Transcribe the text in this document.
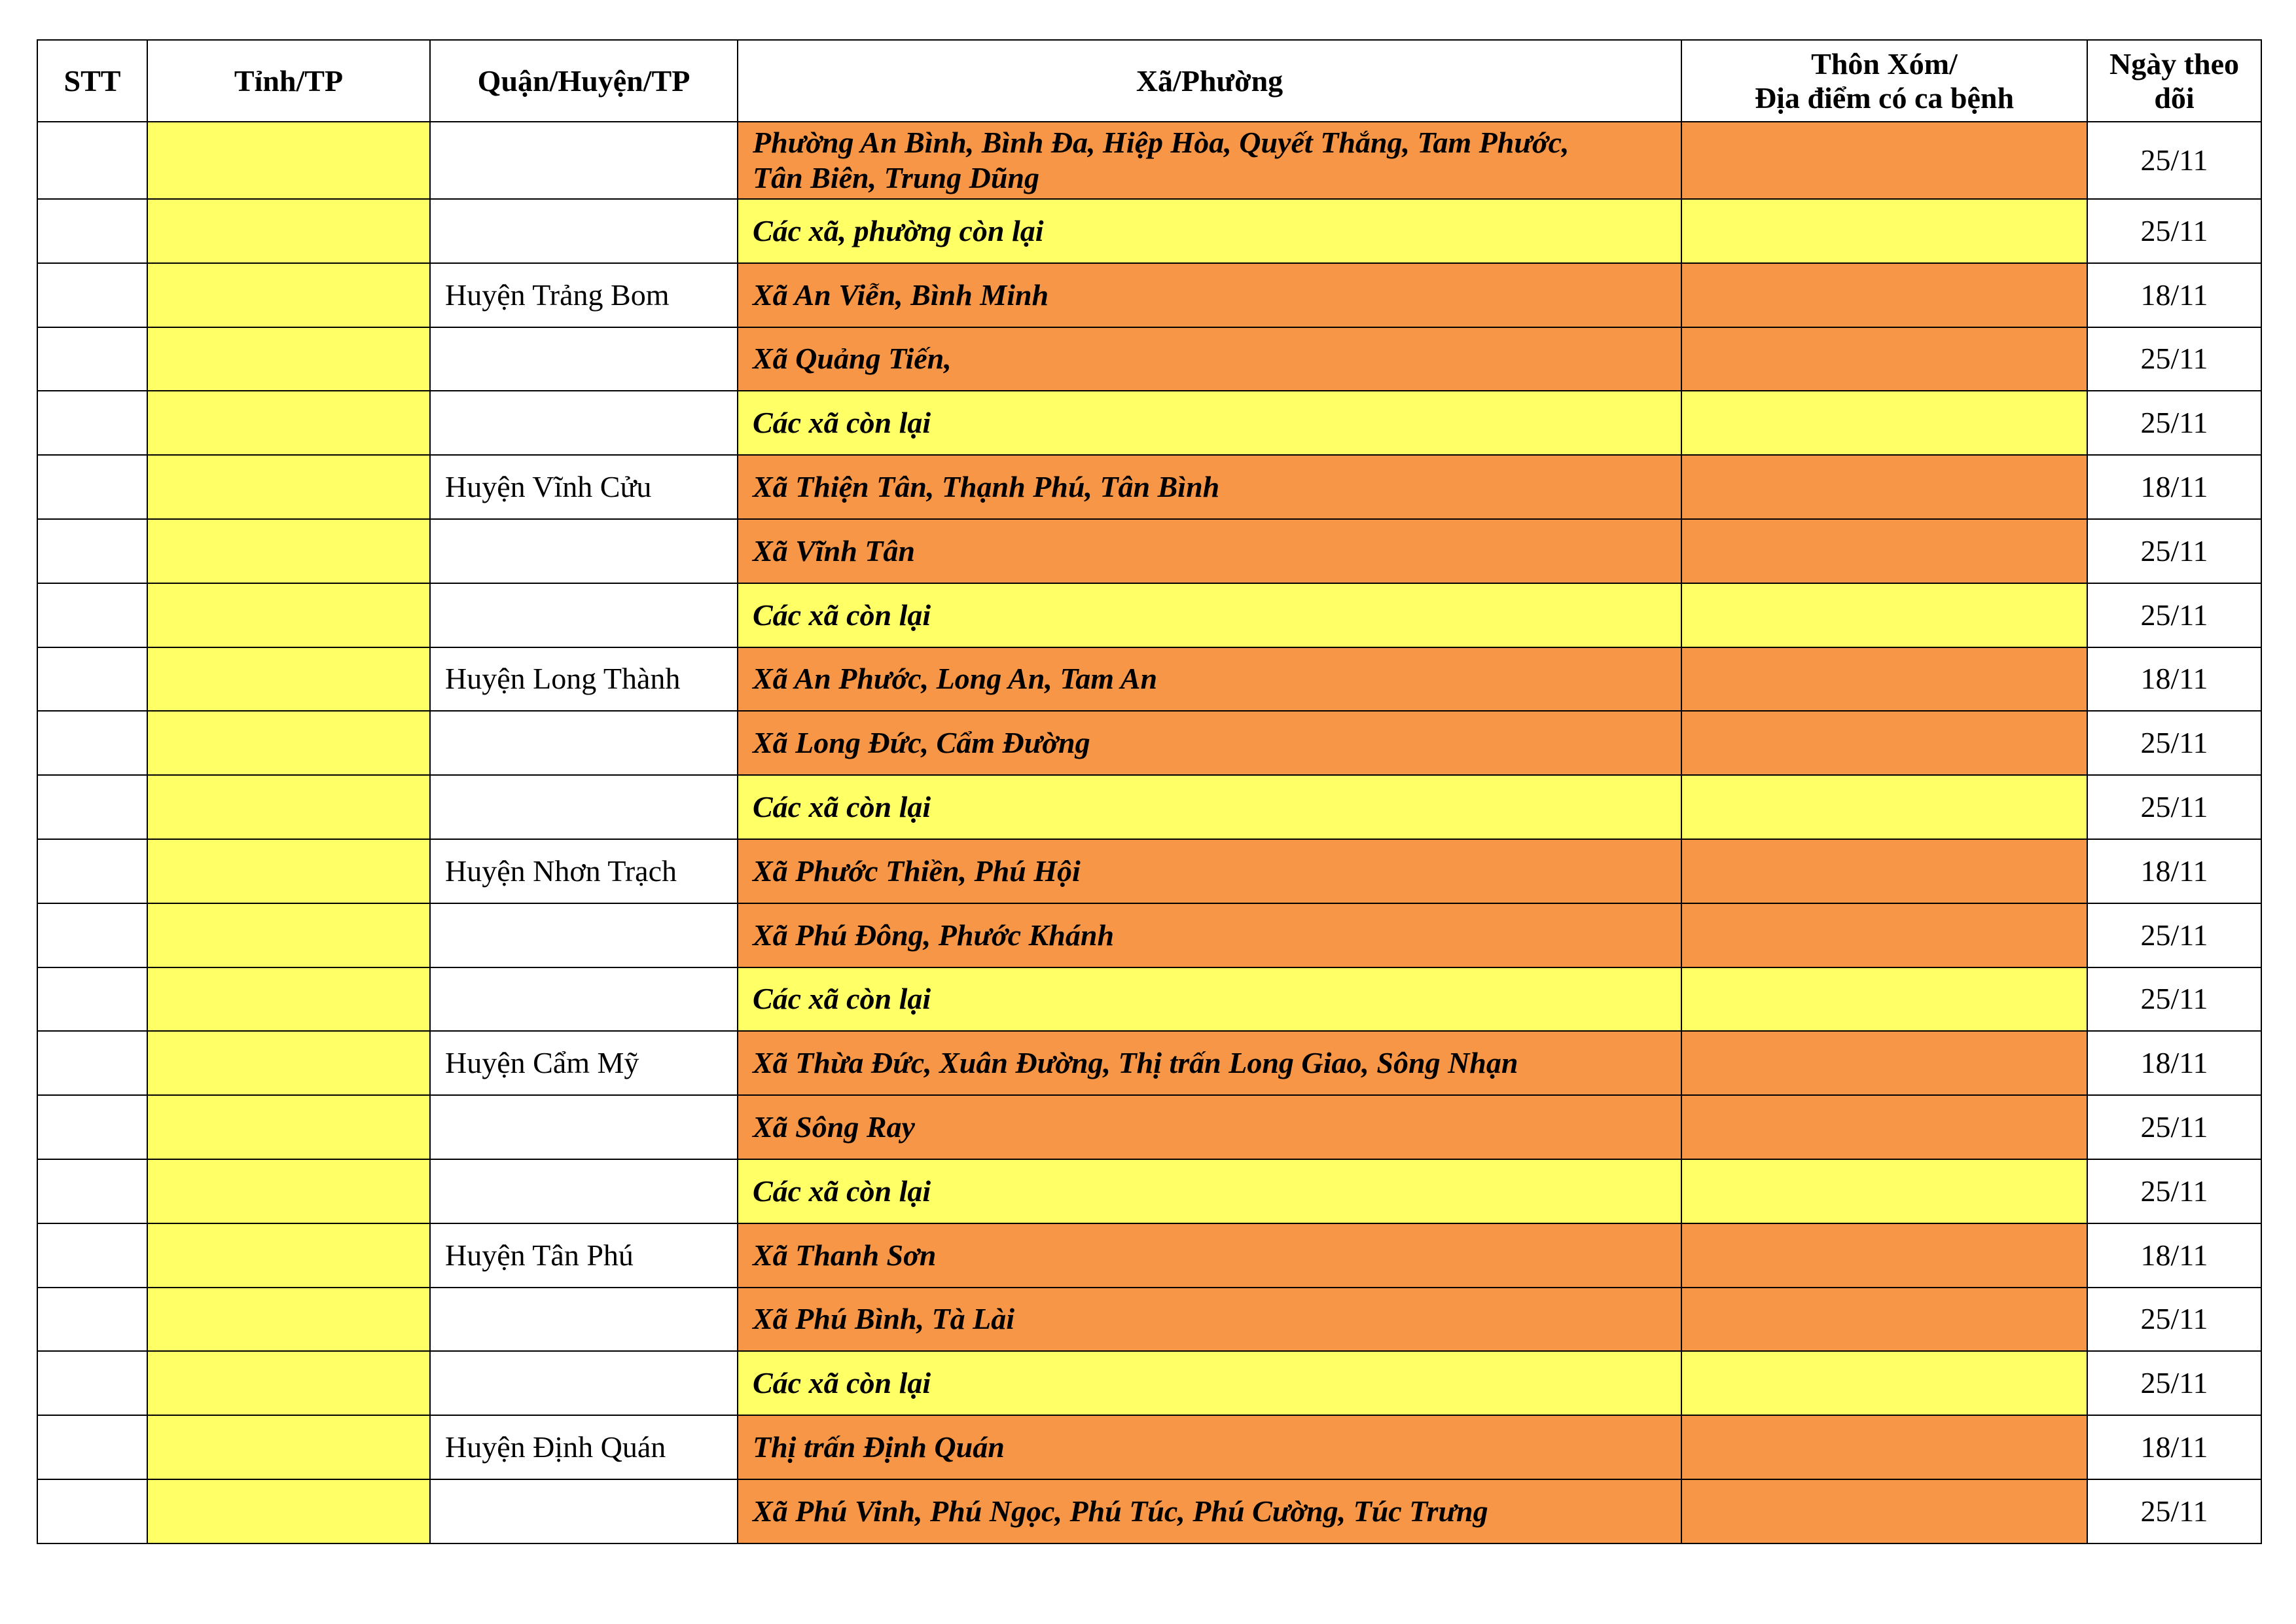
STT	Tỉnh/TP	Quận/Huyện/TP	Xã/Phường	Thôn Xóm/
Địa điểm có ca bệnh	Ngày theo
dõi
			Phường An Bình, Bình Đa, Hiệp Hòa, Quyết Thắng, Tam Phước,
Tân Biên, Trung Dũng		25/11
			Các xã, phường còn lại		25/11
		Huyện Trảng Bom	Xã An Viễn, Bình Minh		18/11
			Xã Quảng Tiến,		25/11
			Các xã còn lại		25/11
		Huyện Vĩnh Cửu	Xã Thiện Tân, Thạnh Phú, Tân Bình		18/11
			Xã Vĩnh Tân		25/11
			Các xã còn lại		25/11
		Huyện Long Thành	Xã An Phước, Long An, Tam An		18/11
			Xã Long Đức, Cẩm Đường		25/11
			Các xã còn lại		25/11
		Huyện Nhơn Trạch	Xã Phước Thiền, Phú Hội		18/11
			Xã Phú Đông, Phước Khánh		25/11
			Các xã còn lại		25/11
		Huyện Cẩm Mỹ	Xã Thừa Đức, Xuân Đường, Thị trấn Long Giao, Sông Nhạn		18/11
			Xã Sông Ray		25/11
			Các xã còn lại		25/11
		Huyện Tân Phú	Xã Thanh Sơn		18/11
			Xã Phú Bình, Tà Lài		25/11
			Các xã còn lại		25/11
		Huyện Định Quán	Thị trấn Định Quán		18/11
			Xã Phú Vinh, Phú Ngọc, Phú Túc, Phú Cường, Túc Trưng		25/11
